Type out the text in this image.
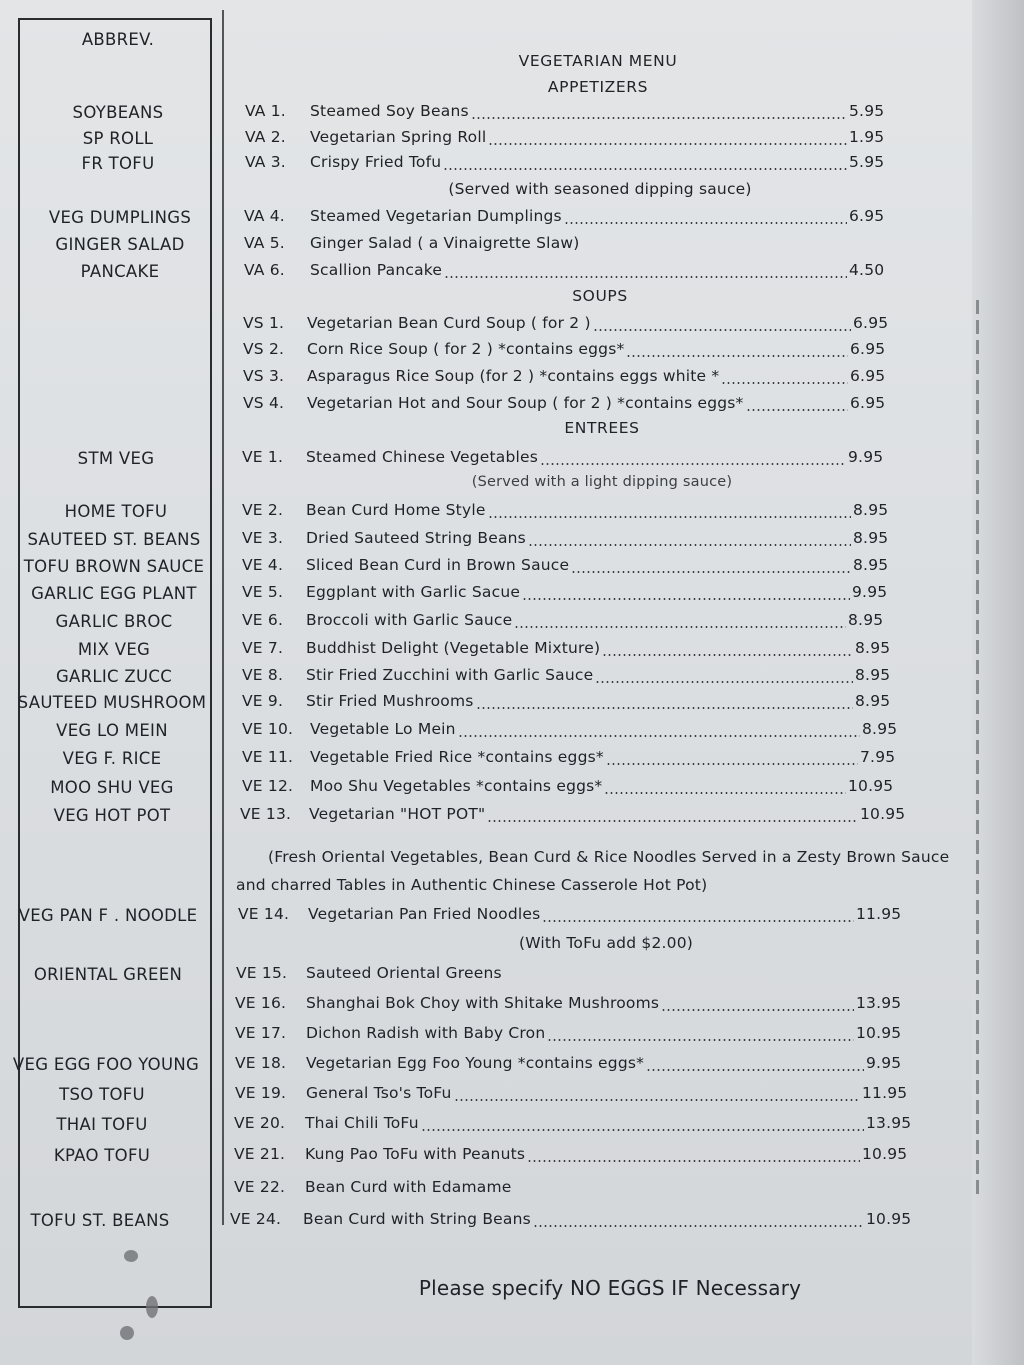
ABBREV.
VEGETARIAN MENU
APPETIZERS
SOUPS
ENTREES
(Served with seasoned dipping sauce)
(Served with a light dipping sauce)
(Fresh Oriental Vegetables, Bean Curd & Rice Noodles Served in a Zesty Brown Sauce
and charred Tables in Authentic Chinese Casserole Hot Pot)
(With ToFu add $2.00)
Please specify NO EGGS IF Necessary
SOYBEANS	VA 1. Steamed Soy Beans	5.95
SP ROLL	VA 2. Vegetarian Spring Roll	1.95
FR TOFU	VA 3. Crispy Fried Tofu	5.95
VEG DUMPLINGS	VA 4. Steamed Vegetarian Dumplings	6.95
GINGER SALAD	VA 5. Ginger Salad ( a Vinaigrette Slaw)
PANCAKE	VA 6. Scallion Pancake	4.50
VS 1. Vegetarian Bean Curd Soup ( for 2 )	6.95
VS 2. Corn Rice Soup ( for 2 ) *contains eggs*	6.95
VS 3. Asparagus Rice Soup (for 2 ) *contains eggs white *	6.95
VS 4. Vegetarian Hot and Sour Soup ( for 2 ) *contains eggs*	6.95
STM VEG	VE 1. Steamed Chinese Vegetables	9.95
HOME TOFU	VE 2. Bean Curd Home Style	8.95
SAUTEED ST. BEANS	VE 3. Dried Sauteed String Beans	8.95
TOFU BROWN SAUCE VE 4. Sliced Bean Curd in Brown Sauce	8.95
GARLIC EGG PLANT	VE 5. Eggplant with Garlic Sacue	9.95
GARLIC BROC	VE 6. Broccoli with Garlic Sauce	8.95
MIX VEG	VE 7. Buddhist Delight (Vegetable Mixture)	8.95
GARLIC ZUCC	VE 8. Stir Fried Zucchini with Garlic Sauce	8.95
SAUTEED MUSHROOM VE 9. Stir Fried Mushrooms	8.95
VEG LO MEIN	VE 10. Vegetable Lo Mein	8.95
VEG F. RICE	VE 11. Vegetable Fried Rice *contains eggs*	7.95
MOO SHU VEG	VE 12. Moo Shu Vegetables *contains eggs*	10.95
VEG HOT POT	VE 13. Vegetarian "HOT POT"	10.95
VEG PAN F . NOODLE	VE 14. Vegetarian Pan Fried Noodles	11.95
ORIENTAL GREEN	VE 15. Sauteed Oriental Greens
VE 16. Shanghai Bok Choy with Shitake Mushrooms	13.95
VE 17. Dichon Radish with Baby Cron	10.95
VEG EGG FOO YOUNG VE 18. Vegetarian Egg Foo Young *contains eggs*	9.95
TSO TOFU	VE 19. General Tso's ToFu	11.95
THAI TOFU	VE 20. Thai Chili ToFu	13.95
KPAO TOFU	VE 21. Kung Pao ToFu with Peanuts	10.95
VE 22. Bean Curd with Edamame
TOFU ST. BEANS	VE 24. Bean Curd with String Beans	10.95
